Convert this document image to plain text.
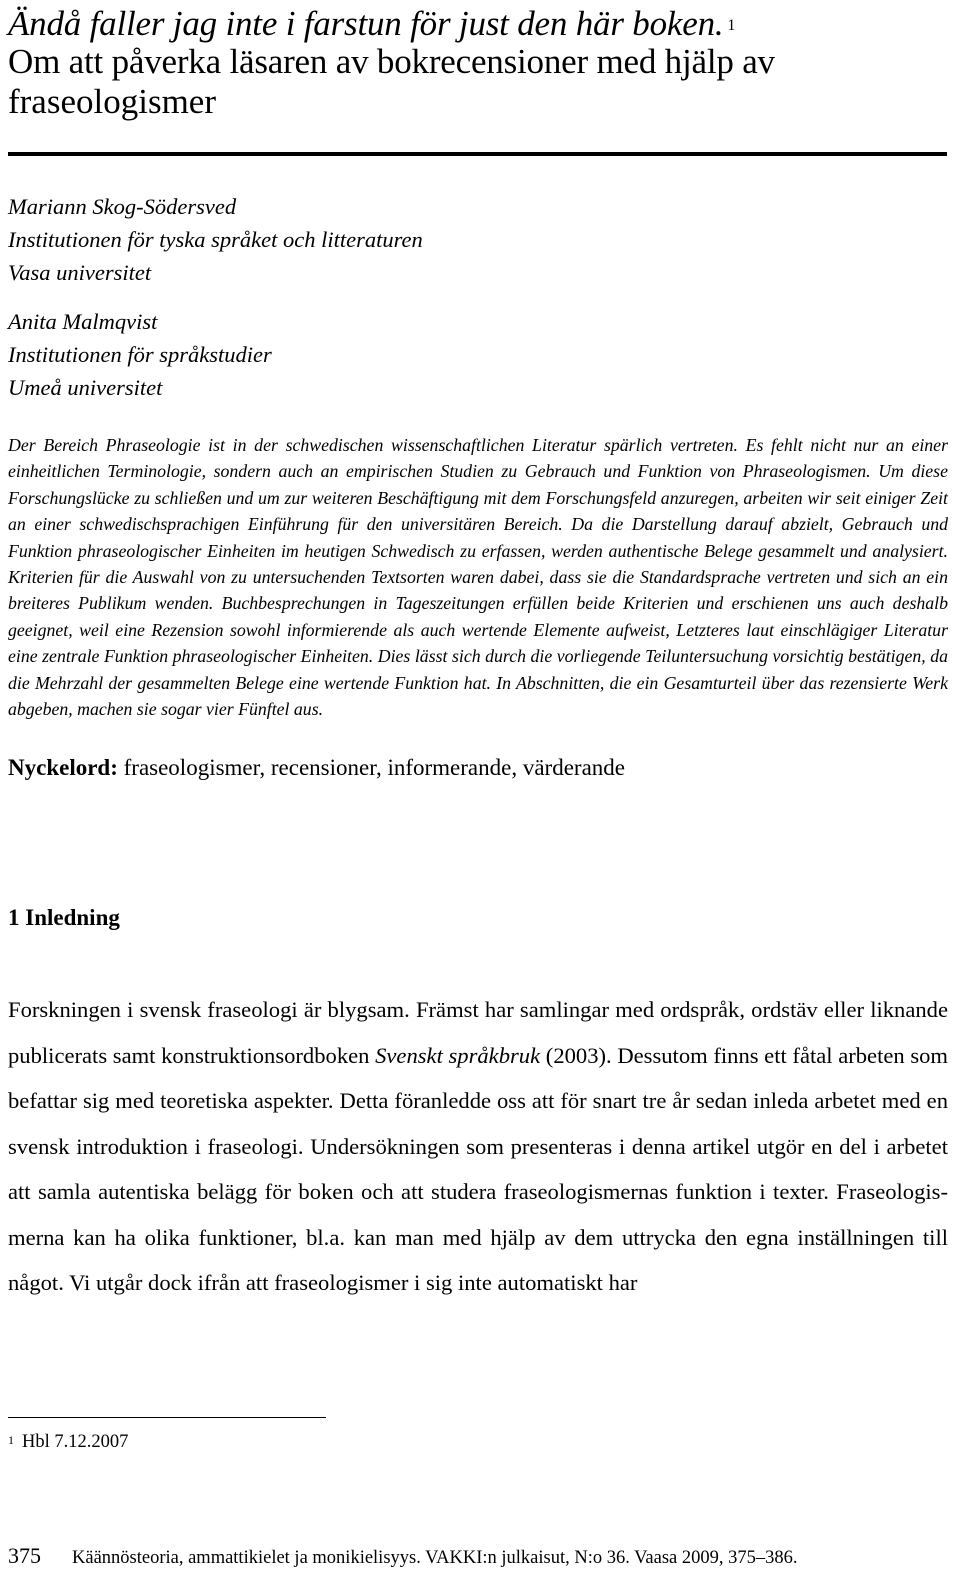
Ändå faller jag inte i farstun för just den här boken. $^1$
Om att påverka läsaren av bokrecensioner med hjälp av
fraseologismer
Mariann Skog-Södersved
Institutionen för tyska språket och litteraturen
Vasa universitet
Anita Malmqvist
Institutionen för språkstudier
Umeå universitet
Der Bereich Phraseologie ist in der schwedischen wissenschaftlichen Literatur spärlich vertreten. Es fehlt nicht nur an einer einheitlichen Terminologie, sondern auch an empirischen Studien zu Gebrauch und Funktion von Phraseologismen. Um diese Forschungslücke zu schließen und um zur weiteren Beschäftigung mit dem Forschungsfeld anzuregen, arbeiten wir seit einiger Zeit an einer schwedischsprachigen Einführung für den universitären Bereich. Da die Darstellung darauf abzielt, Gebrauch und Funktion phraseologischer Einheiten im heutigen Schwedisch zu erfassen, werden authentische Belege gesammelt und analysiert. Kriterien für die Auswahl von zu untersuchenden Textsorten waren dabei, dass sie die Standardsprache vertreten und sich an ein breiteres Publikum wenden. Buchbesprechungen in Tageszeitungen erfüllen beide Kriterien und erschienen uns auch deshalb geeignet, weil eine Rezension sowohl informierende als auch wertende Elemente aufweist, Letzteres laut einschlägiger Literatur eine zentrale Funktion phraseologischer Einheiten. Dies lässt sich durch die vorliegende Teiluntersuchung vorsichtig bestätigen, da die Mehrzahl der gesammelten Belege eine wertende Funktion hat. In Abschnitten, die ein Gesamturteil über das rezensierte Werk abgeben, machen sie sogar vier Fünftel aus.
Nyckelord: fraseologismer, recensioner, informerande, värderande
1 Inledning
Forskningen i svensk fraseologi är blygsam. Främst har samlingar med ordspråk, ordstäv eller liknande publicerats samt konstruktionsordboken Svenskt språkbruk (2003). Dessutom finns ett fåtal arbeten som befattar sig med teoretiska aspekter. Detta föranledde oss att för snart tre år sedan inleda arbetet med en svensk introduktion i fraseologi. Undersökningen som presenteras i denna artikel utgör en del i arbetet att samla autentiska belägg för boken och att studera fraseologismernas funktion i texter. Fraseologismerna kan ha olika funktioner, bl.a. kan man med hjälp av dem uttrycka den egna inställningen till något. Vi utgår dock ifrån att fraseologismer i sig inte automatiskt har
$^1$ Hbl 7.12.2007
375 Käännösteoria, ammattikielet ja monikielisyys. VAKKI:n julkaisut, N:o 36. Vaasa 2009, 375–386.
